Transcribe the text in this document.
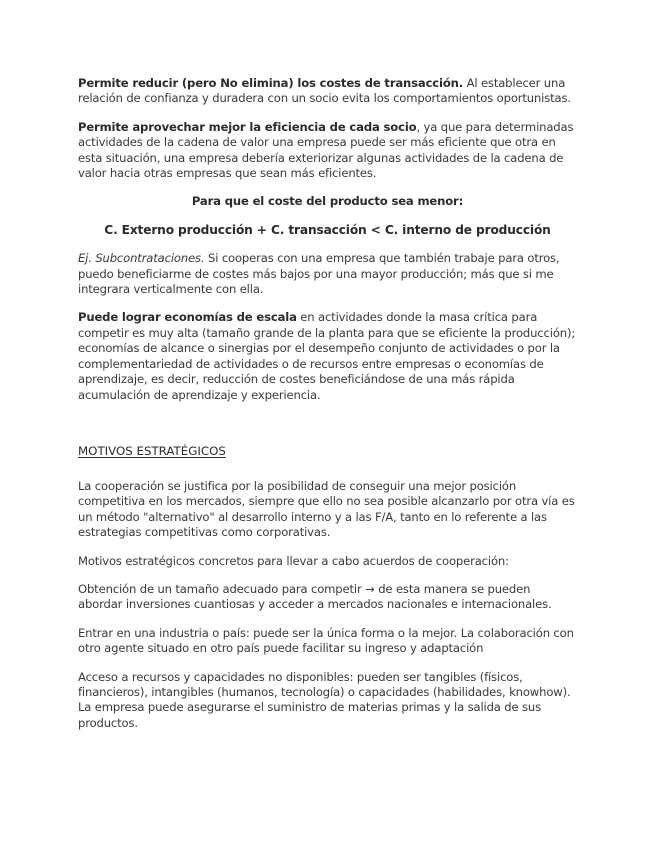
Permite reducir (pero No elimina) los costes de transacción. Al establecer una relación de confianza y duradera con un socio evita los comportamientos oportunistas.

Permite aprovechar mejor la eficiencia de cada socio, ya que para determinadas actividades de la cadena de valor una empresa puede ser más eficiente que otra en esta situación, una empresa debería exteriorizar algunas actividades de la cadena de valor hacia otras empresas que sean más eficientes.

Para que el coste del producto sea menor:

C. Externo producción + C. transacción < C. interno de producción

Ej. Subcontrataciones. Si cooperas con una empresa que también trabaje para otros, puedo beneficiarme de costes más bajos por una mayor producción; más que si me integrara verticalmente con ella.

Puede lograr economías de escala en actividades donde la masa crítica para competir es muy alta (tamaño grande de la planta para que se eficiente la producción); economías de alcance o sinergias por el desempeño conjunto de actividades o por la complementariedad de actividades o de recursos entre empresas o economías de aprendizaje, es decir, reducción de costes beneficiándose de una más rápida acumulación de aprendizaje y experiencia.

MOTIVOS ESTRATÉGICOS

La cooperación se justifica por la posibilidad de conseguir una mejor posición competitiva en los mercados, siempre que ello no sea posible alcanzarlo por otra vía es un método "alternativo" al desarrollo interno y a las F/A, tanto en lo referente a las estrategias competitivas como corporativas.

Motivos estratégicos concretos para llevar a cabo acuerdos de cooperación:

Obtención de un tamaño adecuado para competir → de esta manera se pueden abordar inversiones cuantiosas y acceder a mercados nacionales e internacionales.

Entrar en una industria o país: puede ser la única forma o la mejor. La colaboración con otro agente situado en otro país puede facilitar su ingreso y adaptación

Acceso a recursos y capacidades no disponibles: pueden ser tangibles (físicos, financieros), intangibles (humanos, tecnología) o capacidades (habilidades, knowhow). La empresa puede asegurarse el suministro de materias primas y la salida de sus productos.
